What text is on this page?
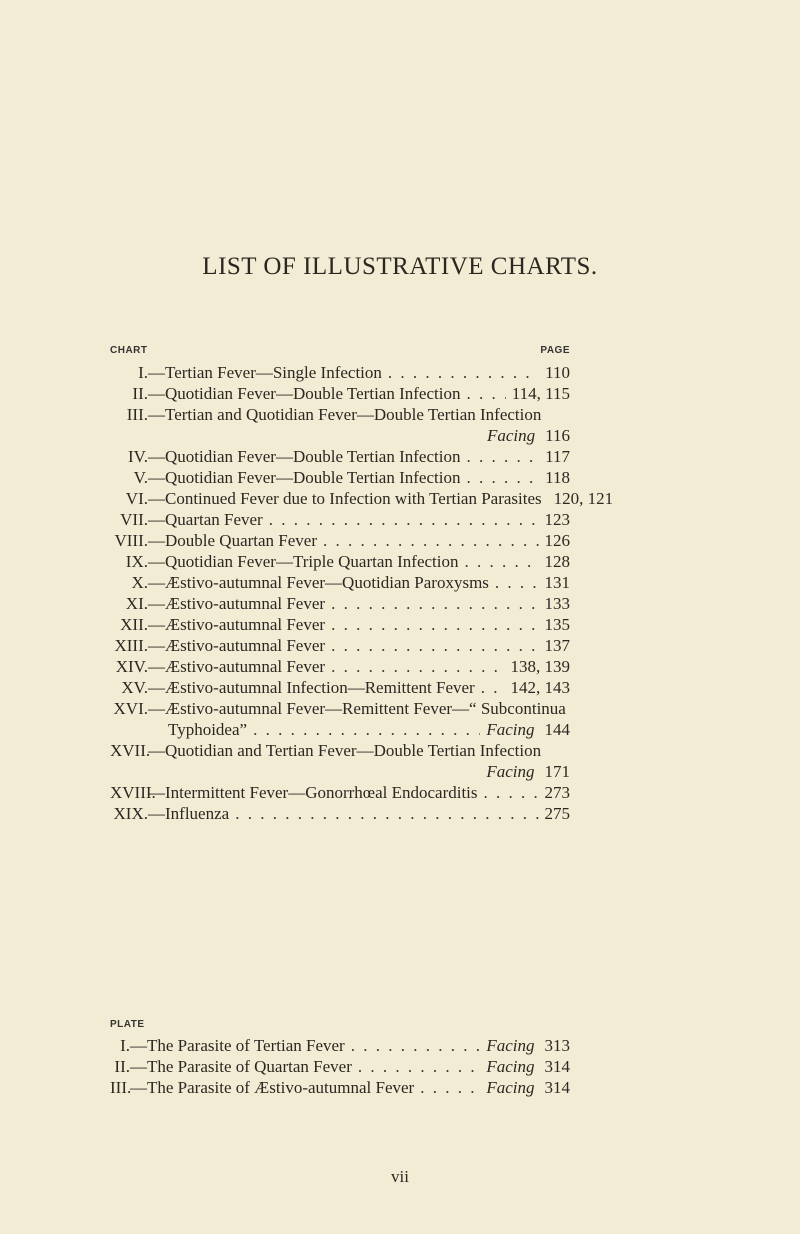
LIST OF ILLUSTRATIVE CHARTS.
CHART	PAGE
I.—Tertian Fever—Single Infection . . .	110
II.—Quotidian Fever—Double Tertian Infection . . .	114, 115
III.—Tertian and Quotidian Fever—Double Tertian Infection
Facing 116
IV.—Quotidian Fever—Double Tertian Infection . . .	117
V.—Quotidian Fever—Double Tertian Infection . . .	118
VI.—Continued Fever due to Infection with Tertian Parasites 120, 121
VII.—Quartan Fever . . .	123
VIII.—Double Quartan Fever . . .	126
IX.—Quotidian Fever—Triple Quartan Infection . . .	128
X.—Æstivo-autumnal Fever—Quotidian Paroxysms . . .	131
XI.—Æstivo-autumnal Fever . . .	133
XII.—Æstivo-autumnal Fever . . .	135
XIII.—Æstivo-autumnal Fever . . .	137
XIV.—Æstivo-autumnal Fever . . .	138, 139
XV.—Æstivo-autumnal Infection—Remittent Fever . . . 142, 143
XVI.—Æstivo-autumnal Fever—Remittent Fever—“ Subcontinua
Typhoidea” . . .	Facing 144
XVII.—Quotidian and Tertian Fever—Double Tertian Infection
Facing 171
XVIII.—Intermittent Fever—Gonorrhœal Endocarditis . . .	273
XIX.—Influenza . . .	275
PLATE
I.—The Parasite of Tertian Fever . . .	Facing 313
II.—The Parasite of Quartan Fever . . .	Facing 314
III.—The Parasite of Æstivo-autumnal Fever . . .	Facing 314
vii
